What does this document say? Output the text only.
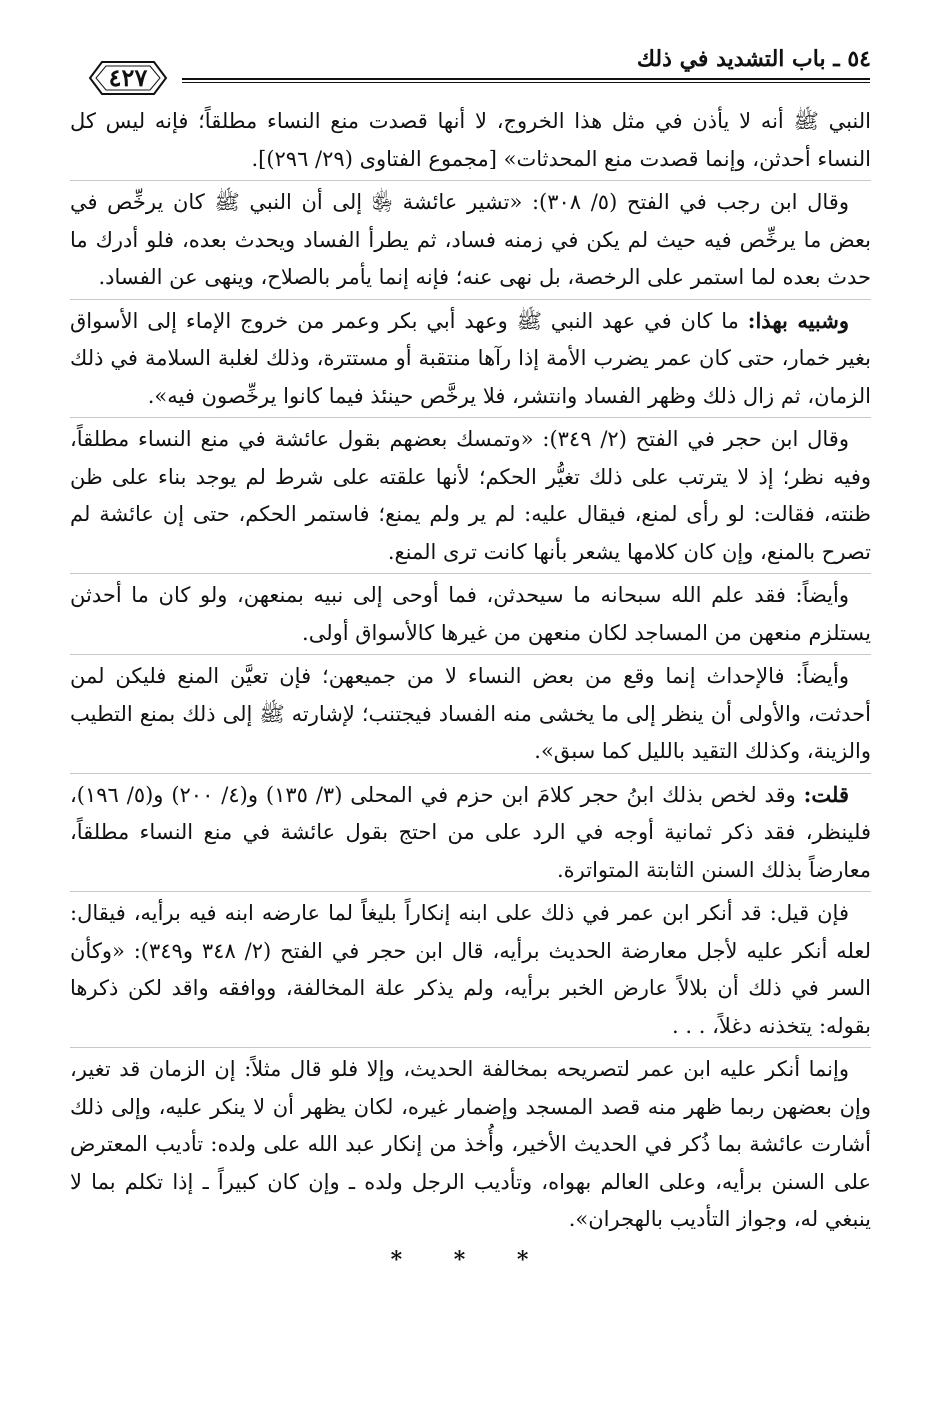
٥٤ ـ باب التشديد في ذلك
٤٢٧

النبي ﷺ أنه لا يأذن في مثل هذا الخروج، لا أنها قصدت منع النساء مطلقاً؛ فإنه ليس كل النساء أحدثن، وإنما قصدت منع المحدثات» [مجموع الفتاوى (٢٩/ ٢٩٦)].

وقال ابن رجب في الفتح (٥/ ٣٠٨): «تشير عائشة ﵂ إلى أن النبي ﷺ كان يرخِّص في بعض ما يرخِّص فيه حيث لم يكن في زمنه فساد، ثم يطرأ الفساد ويحدث بعده، فلو أدرك ما حدث بعده لما استمر على الرخصة، بل نهى عنه؛ فإنه إنما يأمر بالصلاح، وينهى عن الفساد.

وشبيه بهذا: ما كان في عهد النبي ﷺ وعهد أبي بكر وعمر من خروج الإماء إلى الأسواق بغير خمار، حتى كان عمر يضرب الأمة إذا رآها منتقبة أو مستترة، وذلك لغلبة السلامة في ذلك الزمان، ثم زال ذلك وظهر الفساد وانتشر، فلا يرخَّص حينئذ فيما كانوا يرخِّصون فيه».

وقال ابن حجر في الفتح (٢/ ٣٤٩): «وتمسك بعضهم بقول عائشة في منع النساء مطلقاً، وفيه نظر؛ إذ لا يترتب على ذلك تغيُّر الحكم؛ لأنها علقته على شرط لم يوجد بناء على ظن ظنته، فقالت: لو رأى لمنع، فيقال عليه: لم ير ولم يمنع؛ فاستمر الحكم، حتى إن عائشة لم تصرح بالمنع، وإن كان كلامها يشعر بأنها كانت ترى المنع.

وأيضاً: فقد علم الله سبحانه ما سيحدثن، فما أوحى إلى نبيه بمنعهن، ولو كان ما أحدثن يستلزم منعهن من المساجد لكان منعهن من غيرها كالأسواق أولى.

وأيضاً: فالإحداث إنما وقع من بعض النساء لا من جميعهن؛ فإن تعيَّن المنع فليكن لمن أحدثت، والأولى أن ينظر إلى ما يخشى منه الفساد فيجتنب؛ لإشارته ﷺ إلى ذلك بمنع التطيب والزينة، وكذلك التقيد بالليل كما سبق».

قلت: وقد لخص بذلك ابنُ حجر كلامَ ابن حزم في المحلى (٣/ ١٣٥) و(٤/ ٢٠٠) و(٥/ ١٩٦)، فلينظر، فقد ذكر ثمانية أوجه في الرد على من احتج بقول عائشة في منع النساء مطلقاً، معارضاً بذلك السنن الثابتة المتواترة.

فإن قيل: قد أنكر ابن عمر في ذلك على ابنه إنكاراً بليغاً لما عارضه ابنه فيه برأيه، فيقال: لعله أنكر عليه لأجل معارضة الحديث برأيه، قال ابن حجر في الفتح (٢/ ٣٤٨ و٣٤٩): «وكأن السر في ذلك أن بلالاً عارض الخبر برأيه، ولم يذكر علة المخالفة، ووافقه واقد لكن ذكرها بقوله: يتخذنه دغلاً، . . .

وإنما أنكر عليه ابن عمر لتصريحه بمخالفة الحديث، وإلا فلو قال مثلاً: إن الزمان قد تغير، وإن بعضهن ربما ظهر منه قصد المسجد وإضمار غيره، لكان يظهر أن لا ينكر عليه، وإلى ذلك أشارت عائشة بما ذُكر في الحديث الأخير، وأُخذ من إنكار عبد الله على ولده: تأديب المعترض على السنن برأيه، وعلى العالم بهواه، وتأديب الرجل ولده ـ وإن كان كبيراً ـ إذا تكلم بما لا ينبغي له، وجواز التأديب بالهجران».

* * *
